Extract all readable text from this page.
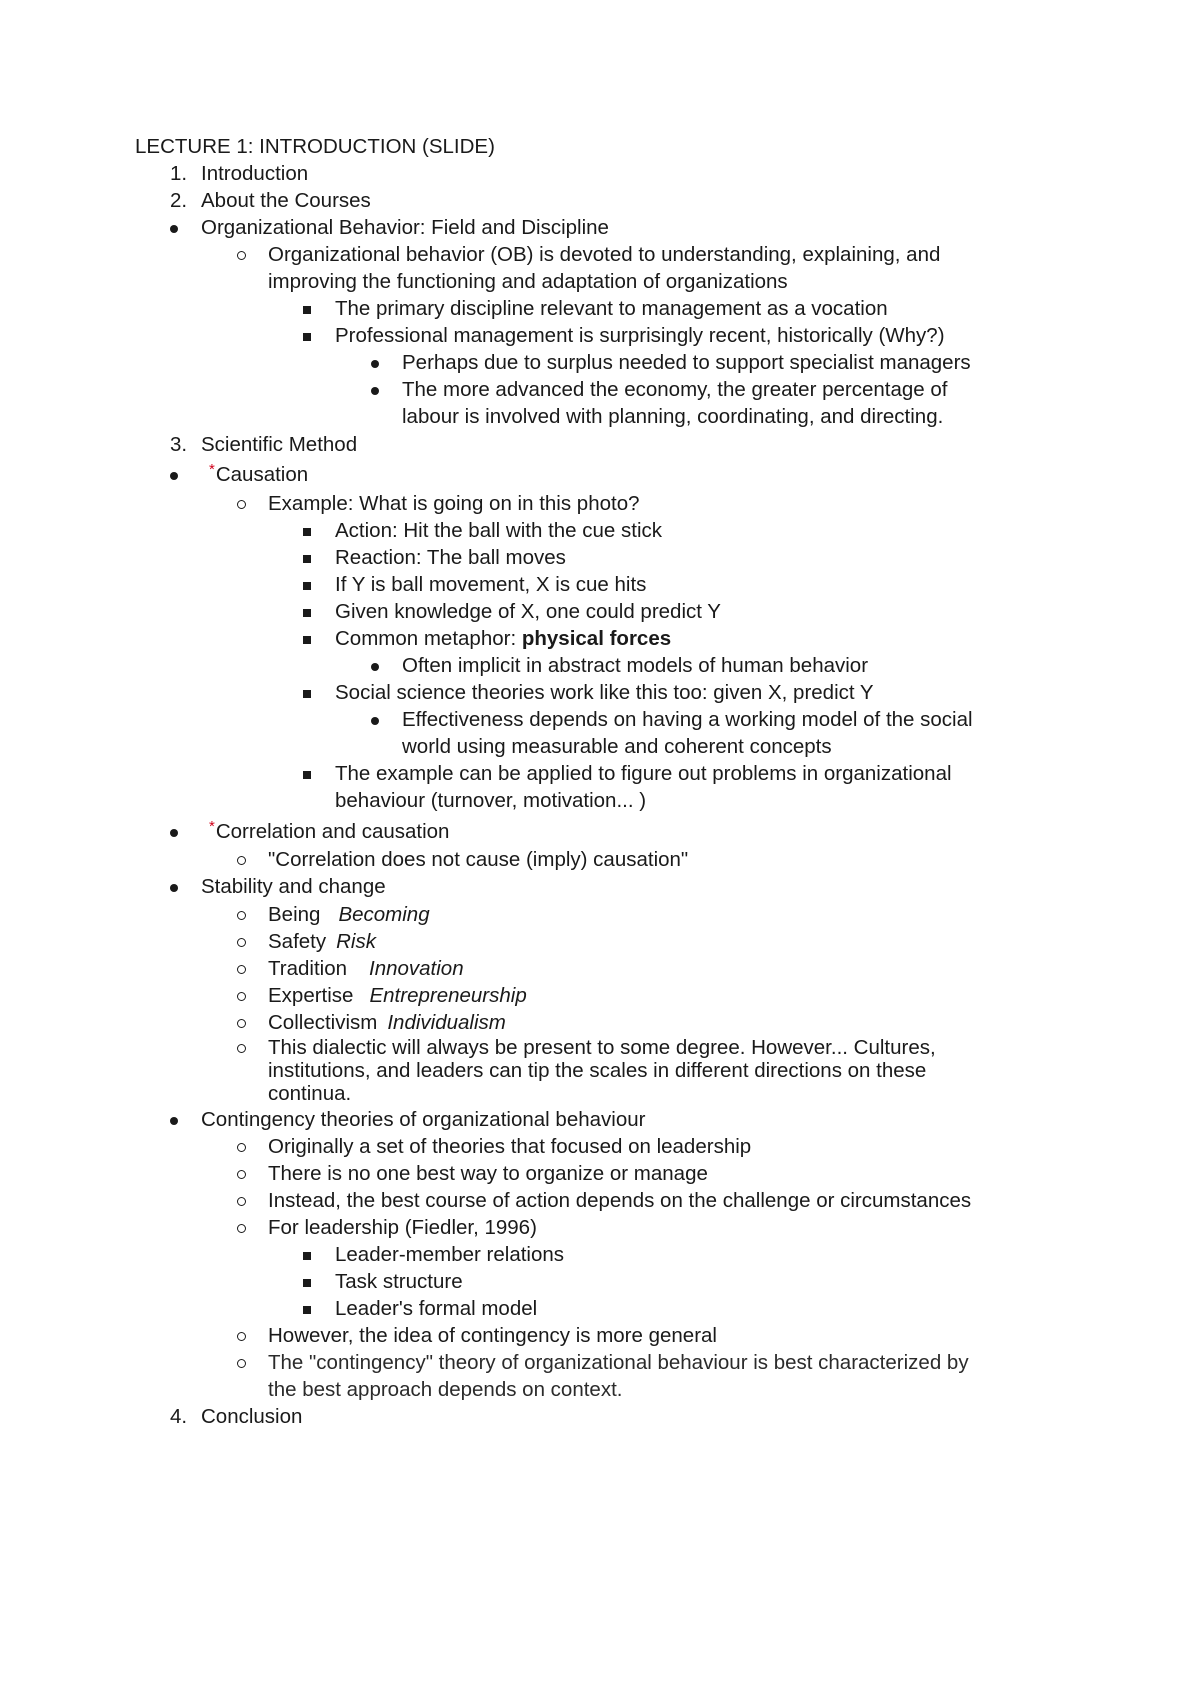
LECTURE 1: INTRODUCTION (SLIDE)
1. Introduction
2. About the Courses
Organizational Behavior: Field and Discipline
Organizational behavior (OB) is devoted to understanding, explaining, and
improving the functioning and adaptation of organizations
The primary discipline relevant to management as a vocation
Professional management is surprisingly recent, historically (Why?)
Perhaps due to surplus needed to support specialist managers
The more advanced the economy, the greater percentage of
labour is involved with planning, coordinating, and directing.
3. Scientific Method
*Causation
Example: What is going on in this photo?
Action: Hit the ball with the cue stick
Reaction: The ball moves
If Y is ball movement, X is cue hits
Given knowledge of X, one could predict Y
Common metaphor: physical forces
Often implicit in abstract models of human behavior
Social science theories work like this too: given X, predict Y
Effectiveness depends on having a working model of the social
world using measurable and coherent concepts
The example can be applied to figure out problems in organizational
behaviour (turnover, motivation... )
*Correlation and causation
"Correlation does not cause (imply) causation"
Stability and change
Being Becoming
Safety Risk
Tradition Innovation
Expertise Entrepreneurship
Collectivism Individualism
This dialectic will always be present to some degree. However... Cultures,
institutions, and leaders can tip the scales in different directions on these
continua.
Contingency theories of organizational behaviour
Originally a set of theories that focused on leadership
There is no one best way to organize or manage
Instead, the best course of action depends on the challenge or circumstances
For leadership (Fiedler, 1996)
Leader-member relations
Task structure
Leader's formal model
However, the idea of contingency is more general
The "contingency" theory of organizational behaviour is best characterized by
the best approach depends on context.
4. Conclusion
